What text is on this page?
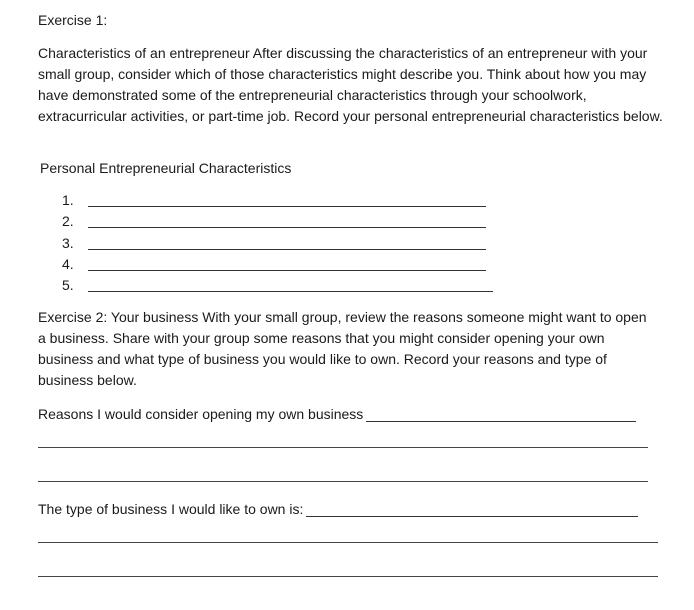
Exercise 1:

Characteristics of an entrepreneur After discussing the characteristics of an entrepreneur with your small group, consider which of those characteristics might describe you. Think about how you may have demonstrated some of the entrepreneurial characteristics through your schoolwork, extracurricular activities, or part-time job. Record your personal entrepreneurial characteristics below.

Personal Entrepreneurial Characteristics
1.
2.
3.
4.
5.

Exercise 2: Your business With your small group, review the reasons someone might want to open a business. Share with your group some reasons that you might consider opening your own business and what type of business you would like to own. Record your reasons and type of business below.

Reasons I would consider opening my own business
The type of business I would like to own is:
